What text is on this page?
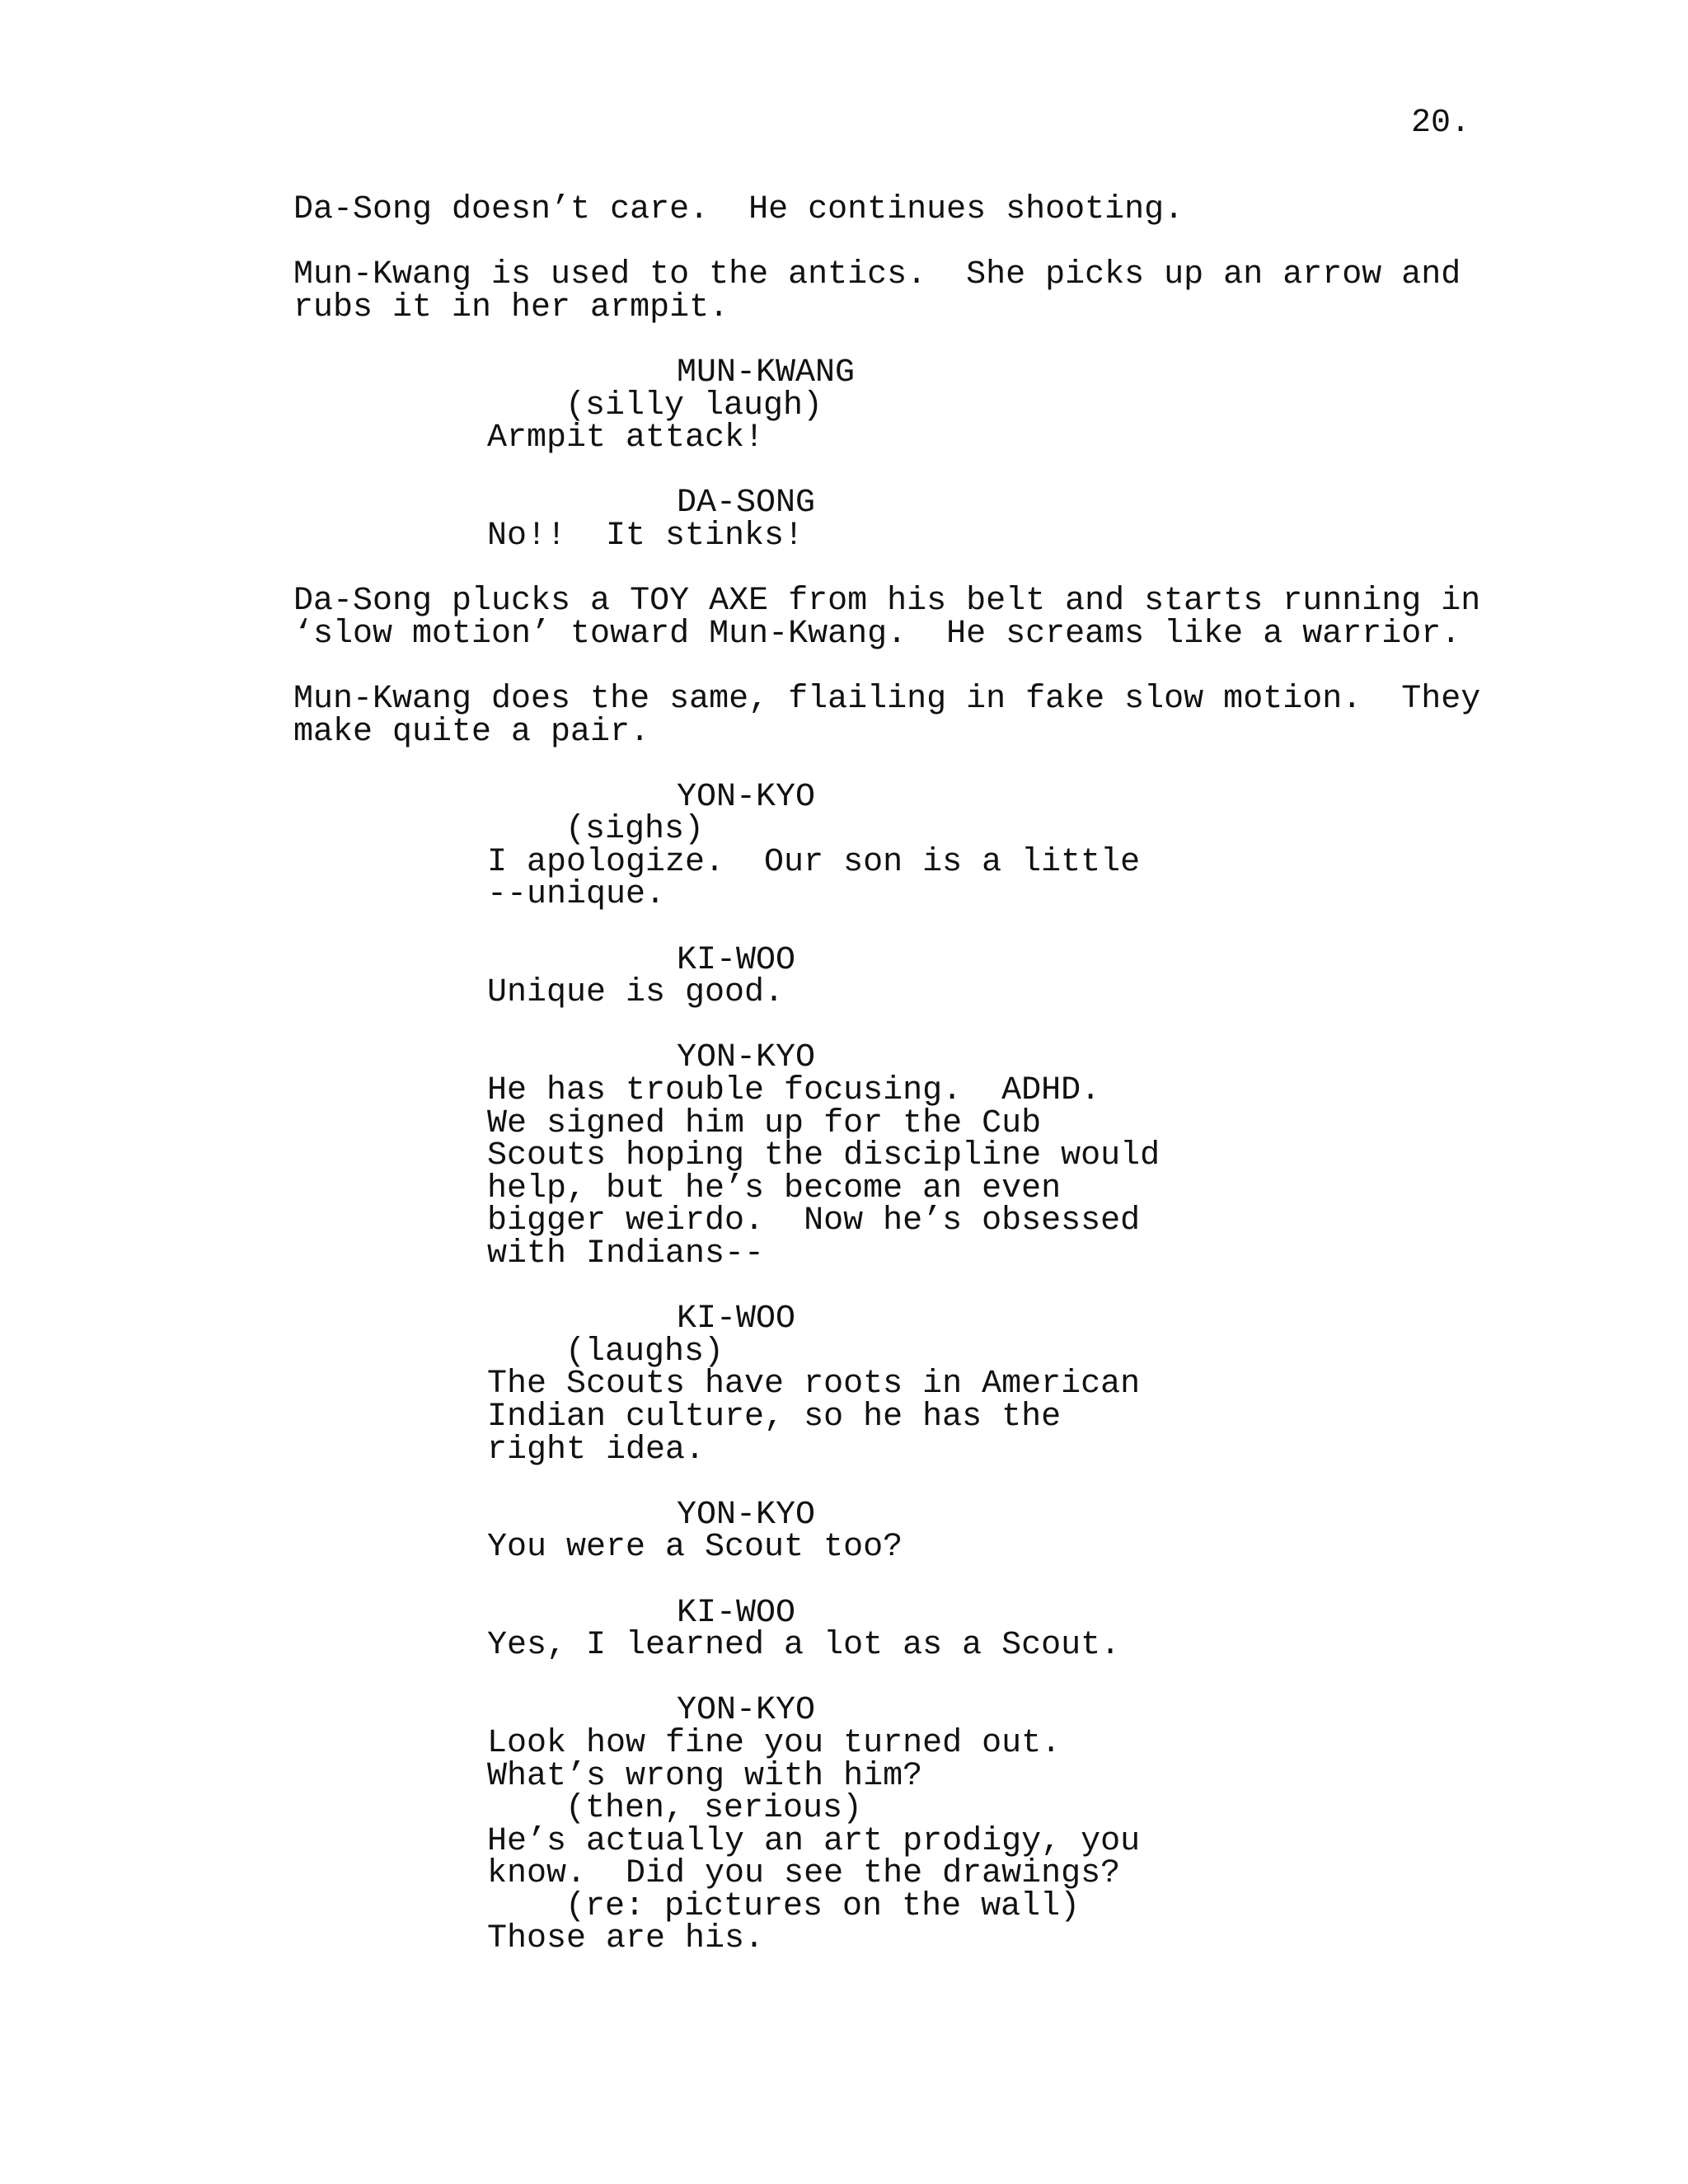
20.

Da-Song doesn’t care.  He continues shooting.

Mun-Kwang is used to the antics.  She picks up an arrow and
rubs it in her armpit.

MUN-KWANG

(silly laugh)

Armpit attack!

DA-SONG

No!!  It stinks!

Da-Song plucks a TOY AXE from his belt and starts running in
‘slow motion’ toward Mun-Kwang.  He screams like a warrior.

Mun-Kwang does the same, flailing in fake slow motion.  They
make quite a pair.

YON-KYO

(sighs)

I apologize.  Our son is a little
--unique.

KI-WOO

Unique is good.

YON-KYO

He has trouble focusing.  ADHD.
We signed him up for the Cub
Scouts hoping the discipline would
help, but he’s become an even
bigger weirdo.  Now he’s obsessed
with Indians--

KI-WOO

(laughs)

The Scouts have roots in American
Indian culture, so he has the
right idea.

YON-KYO

You were a Scout too?

KI-WOO

Yes, I learned a lot as a Scout.

YON-KYO

Look how fine you turned out.
What’s wrong with him?

(then, serious)

He’s actually an art prodigy, you
know.  Did you see the drawings?

(re: pictures on the wall)

Those are his.
